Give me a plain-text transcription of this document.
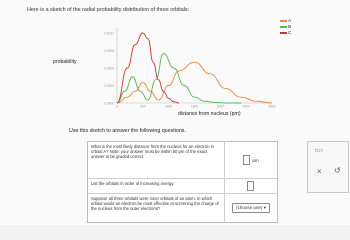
Here is a sketch of the radial probability distribution of three orbitals:
0.0000
0.0012
0.0009
0.0006
0.0003
0	500	1000	1500	2000	2500	3000
probability
distance from nucleus (pm)
A
B
C
Use this sketch to answer the following questions.
What is the most likely distance from the nucleus for an electron in orbital A? Note: your answer must be within 50 pm of the exact answer to be graded correct.
pm
List the orbitals in order of increasing energy:
Suppose all three orbitals were inner orbitals of an atom. In which orbital would an electron be most effective at screening the charge of the nucleus from the outer electrons?	(choose one) ▾
□.□
× ↺
